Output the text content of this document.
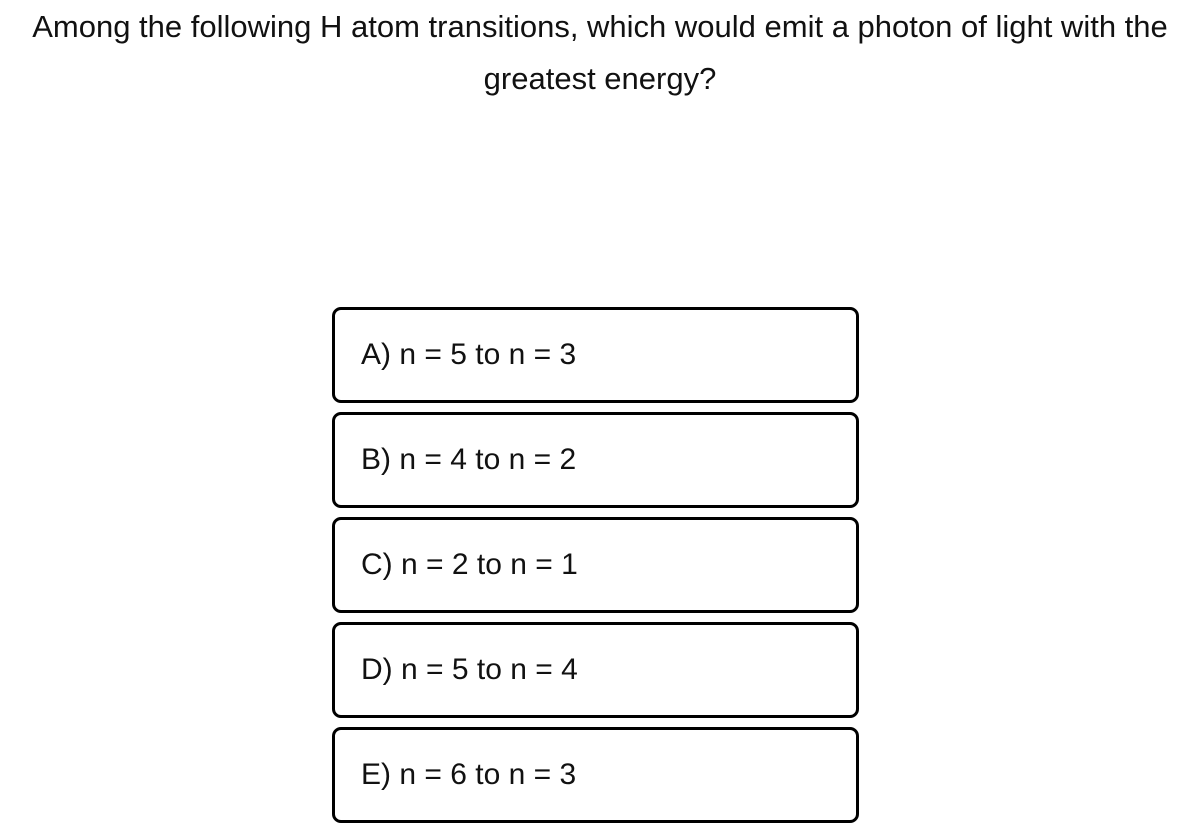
Among the following H atom transitions, which would emit a photon of light with the greatest energy?

A) n = 5 to n = 3
B) n = 4 to n = 2
C) n = 2 to n = 1
D) n = 5 to n = 4
E) n = 6 to n = 3
